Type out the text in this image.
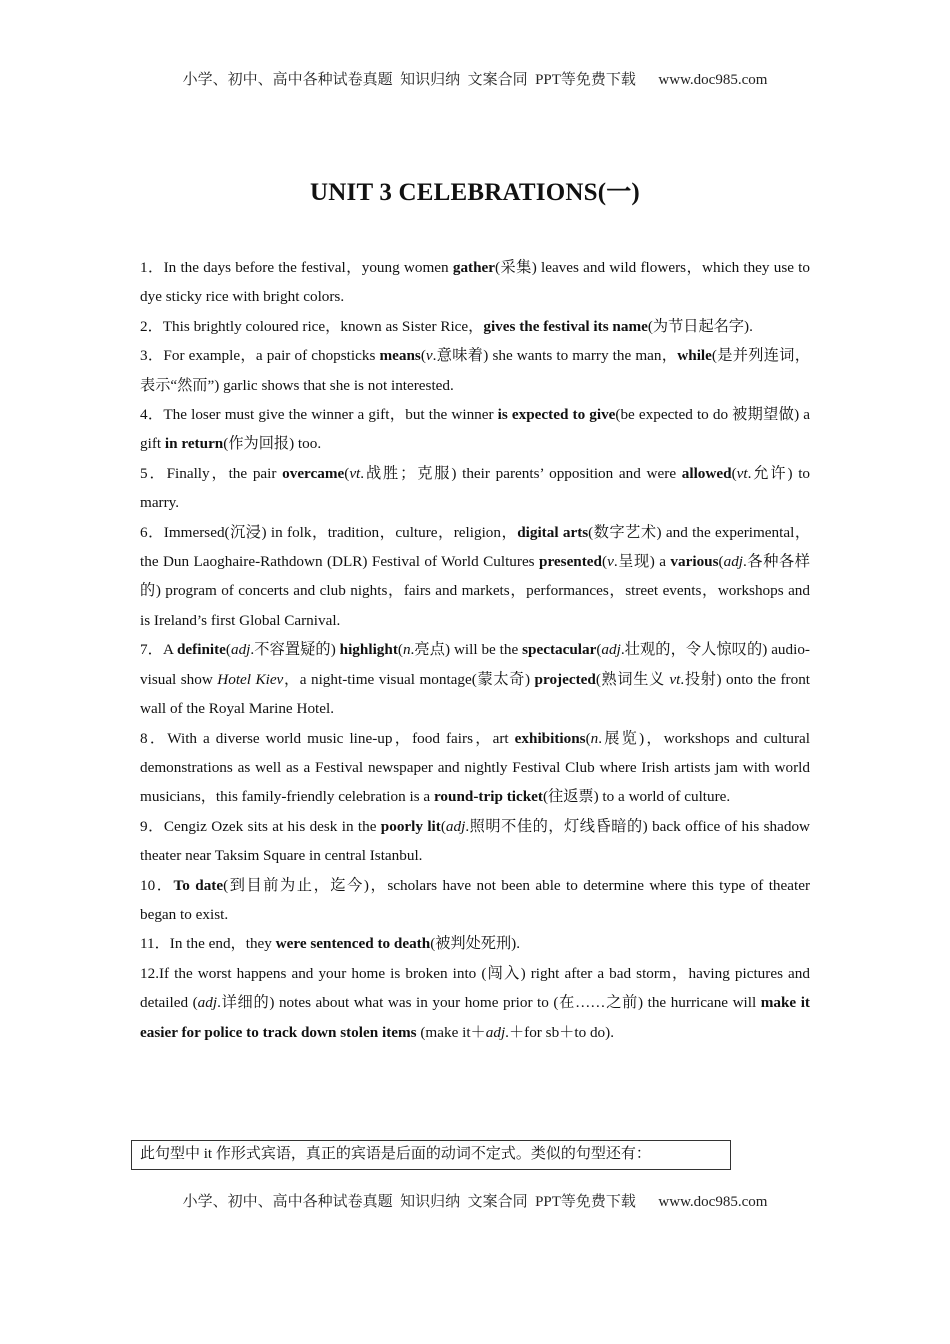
小学、初中、高中各种试卷真题  知识归纳  文案合同  PPT等免费下载      www.doc985.com
UNIT 3 CELEBRATIONS(一)

1．In the days before the festival，young women gather(采集) leaves and wild flowers，which they use to dye sticky rice with bright colors.

2．This brightly coloured rice，known as Sister Rice，gives the festival its name(为节日起名字).

3．For example，a pair of chopsticks means(v.意味着) she wants to marry the man，while(是并列连词，表示“然而”) garlic shows that she is not interested.

4．The loser must give the winner a gift，but the winner is expected to give(be expected to do 被期望做) a gift in return(作为回报) too.

5．Finally，the pair overcame(vt.战胜；克服) their parents’ opposition and were allowed(vt.允许) to marry.

6．Immersed(沉浸) in folk，tradition，culture，religion，digital arts(数字艺术) and the experimental，the Dun Laoghaire-Rathdown (DLR) Festival of World Cultures presented(v.呈现) a various(adj.各种各样的) program of concerts and club nights，fairs and markets，performances，street events，workshops and is Ireland’s first Global Carnival.

7．A definite(adj.不容置疑的) highlight(n.亮点) will be the spectacular(adj.壮观的，令人惊叹的) audio-visual show Hotel Kiev，a night-time visual montage(蒙太奇) projected(熟词生义 vt.投射) onto the front wall of the Royal Marine Hotel.

8．With a diverse world music line-up，food fairs，art exhibitions(n.展览)，workshops and cultural demonstrations as well as a Festival newspaper and nightly Festival Club where Irish artists jam with world musicians，this family-friendly celebration is a round-trip ticket(往返票) to a world of culture.

9．Cengiz Ozek sits at his desk in the poorly lit(adj.照明不佳的，灯线昏暗的) back office of his shadow theater near Taksim Square in central Istanbul.

10．To date(到目前为止，迄今)，scholars have not been able to determine where this type of theater began to exist.

11．In the end，they were sentenced to death(被判处死刑).

12.If the worst happens and your home is broken into (闯入) right after a bad storm，having pictures and detailed (adj.详细的) notes about what was in your home prior to (在……之前) the hurricane will make it easier for police to track down stolen items (make it＋adj.＋for sb＋to do).

此句型中 it 作形式宾语，真正的宾语是后面的动词不定式。类似的句型还有：
小学、初中、高中各种试卷真题  知识归纳  文案合同  PPT等免费下载      www.doc985.com
